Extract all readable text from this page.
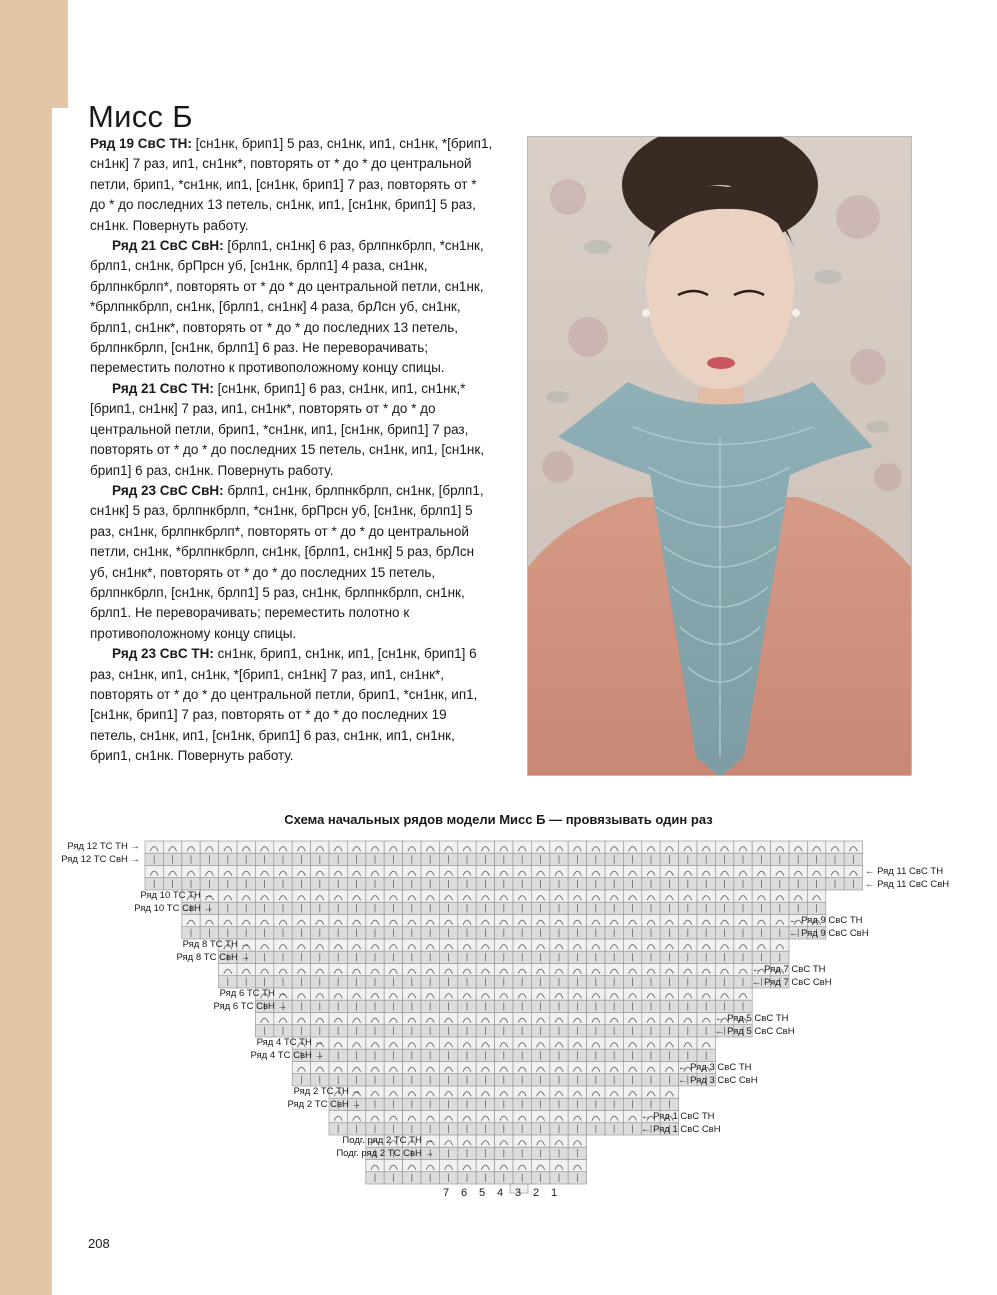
Мисс Б

Ряд 19 СвС ТН: [сн1нк, брип1] 5 раз, сн1нк, ип1, сн1нк, *[брип1, сн1нк] 7 раз, ип1, сн1нк*, повторять от * до * до центральной петли, брип1, *сн1нк, ип1, [сн1нк, брип1] 7 раз, повторять от * до * до последних 13 петель, сн1нк, ип1, [сн1нк, брип1] 5 раз, сн1нк. Повернуть работу.

Ряд 21 СвС СвН: [брлп1, сн1нк] 6 раз, брлпнкбрлп, *сн1нк, брлп1, сн1нк, брПрсн уб, [сн1нк, брлп1] 4 раза, сн1нк, брлпнкбрлп*, повторять от * до * до центральной петли, сн1нк, *брлпнкбрлп, сн1нк, [брлп1, сн1нк] 4 раза, брЛсн уб, сн1нк, брлп1, сн1нк*, повторять от * до * до последних 13 петель, брлпнкбрлп, [сн1нк, брлп1] 6 раз. Не переворачивать; переместить полотно к противоположному концу спицы.

Ряд 21 СвС ТН: [сн1нк, брип1] 6 раз, сн1нк, ип1, сн1нк,*[брип1, сн1нк] 7 раз, ип1, сн1нк*, повторять от * до * до центральной петли, брип1, *сн1нк, ип1, [сн1нк, брип1] 7 раз, повторять от * до * до последних 15 петель, сн1нк, ип1, [сн1нк, брип1] 6 раз, сн1нк. Повернуть работу.

Ряд 23 СвС СвН: брлп1, сн1нк, брлпнкбрлп, сн1нк, [брлп1, сн1нк] 5 раз, брлпнкбрлп, *сн1нк, брПрсн уб, [сн1нк, брлп1] 5 раз, сн1нк, брлпнкбрлп*, повторять от * до * до центральной петли, сн1нк, *брлпнкбрлп, сн1нк, [брлп1, сн1нк] 5 раз, брЛсн уб, сн1нк*, повторять от * до * до последних 15 петель, брлпнкбрлп, [сн1нк, брлп1] 5 раз, сн1нк, брлпнкбрлп, сн1нк, брлп1. Не переворачивать; переместить полотно к противоположному концу спицы.

Ряд 23 СвС ТН: сн1нк, брип1, сн1нк, ип1, [сн1нк, брип1] 6 раз, сн1нк, ип1, сн1нк, *[брип1, сн1нк] 7 раз, ип1, сн1нк*, повторять от * до * до центральной петли, брип1, *сн1нк, ип1, [сн1нк, брип1] 7 раз, повторять от * до * до последних 19 петель, сн1нк, ип1, [сн1нк, брип1] 6 раз, сн1нк, ип1, сн1нк, брип1, сн1нк. Повернуть работу.

Схема начальных рядов модели Мисс Б — провязывать один раз
Ряд 12 ТС ТН →
Ряд 12 ТС СвН →
Ряд 10 ТС ТН →
Ряд 10 ТС СвН →
Ряд 8 ТС ТН →
Ряд 8 ТС СвН →
Ряд 6 ТС ТН →
Ряд 6 ТС СвН →
Ряд 4 ТС ТН →
Ряд 4 ТС СвН →
Ряд 2 ТС ТН →
Ряд 2 ТС СвН →
Подг. ряд 2 ТС ТН →
Подг. ряд 2 ТС СвН →
← Ряд 11 СвС ТН
← Ряд 11 СвС СвН
← Ряд 9 СвС ТН
← Ряд 9 СвС СвН
← Ряд 7 СвС ТН
← Ряд 7 СвС СвН
← Ряд 5 СвС ТН
← Ряд 5 СвС СвН
← Ряд 3 СвС ТН
← Ряд 3 СвС СвН
← Ряд 1 СвС ТН
← Ряд 1 СвС СвН
7 6 5 4 3 2 1
208
